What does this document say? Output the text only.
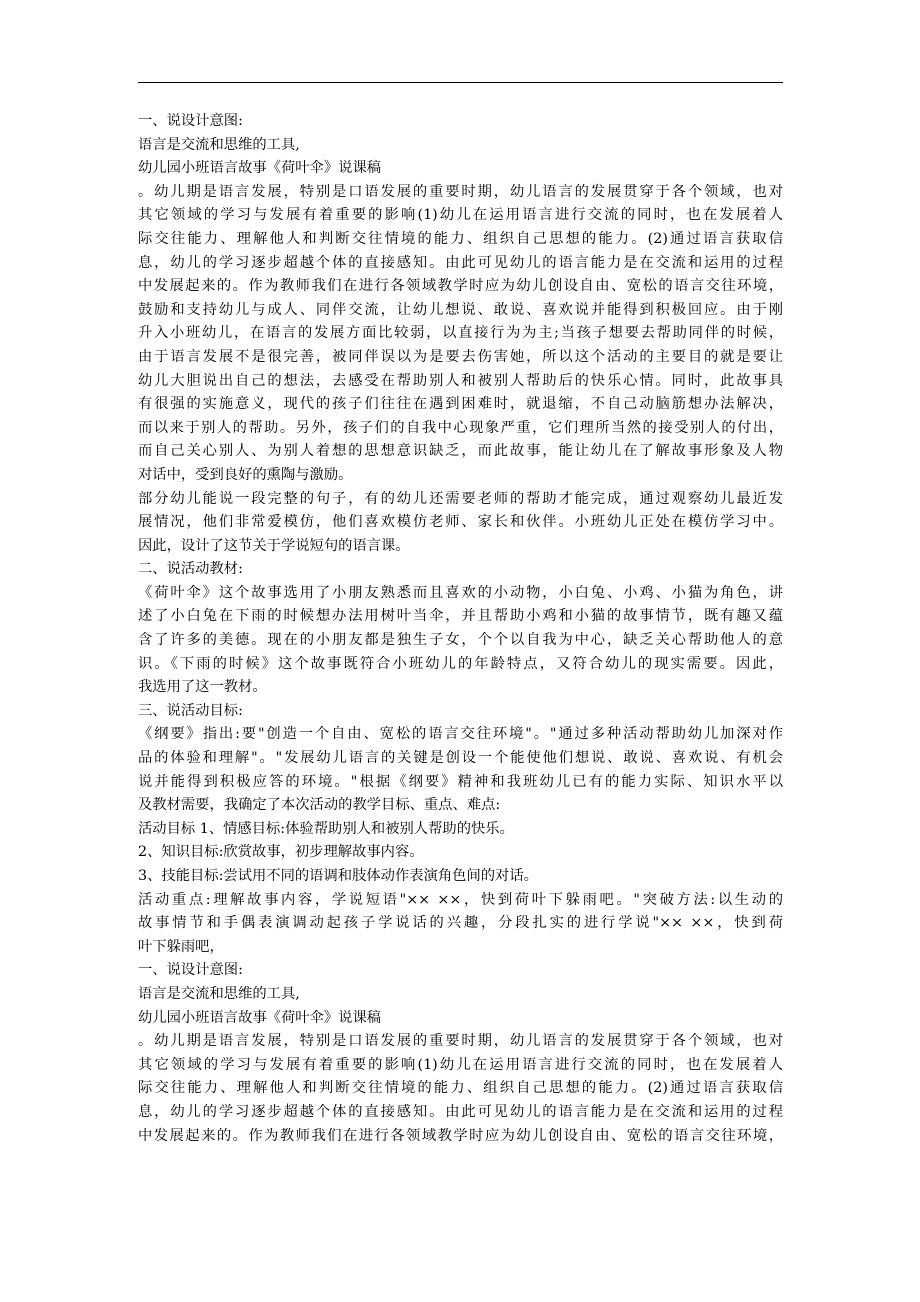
一、说设计意图:
语言是交流和思维的工具,
幼儿园小班语言故事《荷叶伞》说课稿
。幼儿期是语言发展，特别是口语发展的重要时期，幼儿语言的发展贯穿于各个领域，也对
其它领域的学习与发展有着重要的影响(1)幼儿在运用语言进行交流的同时，也在发展着人
际交往能力、理解他人和判断交往情境的能力、组织自己思想的能力。(2)通过语言获取信
息，幼儿的学习逐步超越个体的直接感知。由此可见幼儿的语言能力是在交流和运用的过程
中发展起来的。作为教师我们在进行各领域教学时应为幼儿创设自由、宽松的语言交往环境，
鼓励和支持幼儿与成人、同伴交流，让幼儿想说、敢说、喜欢说并能得到积极回应。由于刚
升入小班幼儿，在语言的发展方面比较弱，以直接行为为主;当孩子想要去帮助同伴的时候，
由于语言发展不是很完善，被同伴误以为是要去伤害她，所以这个活动的主要目的就是要让
幼儿大胆说出自己的想法，去感受在帮助别人和被别人帮助后的快乐心情。同时，此故事具
有很强的实施意义，现代的孩子们往往在遇到困难时，就退缩，不自己动脑筋想办法解决，
而以来于别人的帮助。另外，孩子们的自我中心现象严重，它们理所当然的接受别人的付出，
而自己关心别人、为别人着想的思想意识缺乏，而此故事，能让幼儿在了解故事形象及人物
对话中，受到良好的熏陶与激励。
部分幼儿能说一段完整的句子，有的幼儿还需要老师的帮助才能完成，通过观察幼儿最近发
展情况，他们非常爱模仿，他们喜欢模仿老师、家长和伙伴。小班幼儿正处在模仿学习中。
因此，设计了这节关于学说短句的语言课。
二、说活动教材:
《荷叶伞》这个故事选用了小朋友熟悉而且喜欢的小动物，小白兔、小鸡、小猫为角色，讲
述了小白兔在下雨的时候想办法用树叶当伞，并且帮助小鸡和小猫的故事情节，既有趣又蕴
含了许多的美德。现在的小朋友都是独生子女，个个以自我为中心，缺乏关心帮助他人的意
识。《下雨的时候》这个故事既符合小班幼儿的年龄特点，又符合幼儿的现实需要。因此，
我选用了这一教材。
三、说活动目标:
《纲要》指出:要"创造一个自由、宽松的语言交往环境"。"通过多种活动帮助幼儿加深对作
品的体验和理解"。"发展幼儿语言的关键是创设一个能使他们想说、敢说、喜欢说、有机会
说并能得到积极应答的环境。"根据《纲要》精神和我班幼儿已有的能力实际、知识水平以
及教材需要，我确定了本次活动的教学目标、重点、难点:
活动目标 1、情感目标:体验帮助别人和被别人帮助的快乐。
2、知识目标:欣赏故事，初步理解故事内容。
3、技能目标:尝试用不同的语调和肢体动作表演角色间的对话。
活动重点:理解故事内容，学说短语"×× ××，快到荷叶下躲雨吧。"突破方法:以生动的
故事情节和手偶表演调动起孩子学说话的兴趣，分段扎实的进行学说"×× ××，快到荷
叶下躲雨吧，
一、说设计意图:
语言是交流和思维的工具,
幼儿园小班语言故事《荷叶伞》说课稿
。幼儿期是语言发展，特别是口语发展的重要时期，幼儿语言的发展贯穿于各个领域，也对
其它领域的学习与发展有着重要的影响(1)幼儿在运用语言进行交流的同时，也在发展着人
际交往能力、理解他人和判断交往情境的能力、组织自己思想的能力。(2)通过语言获取信
息，幼儿的学习逐步超越个体的直接感知。由此可见幼儿的语言能力是在交流和运用的过程
中发展起来的。作为教师我们在进行各领域教学时应为幼儿创设自由、宽松的语言交往环境，
